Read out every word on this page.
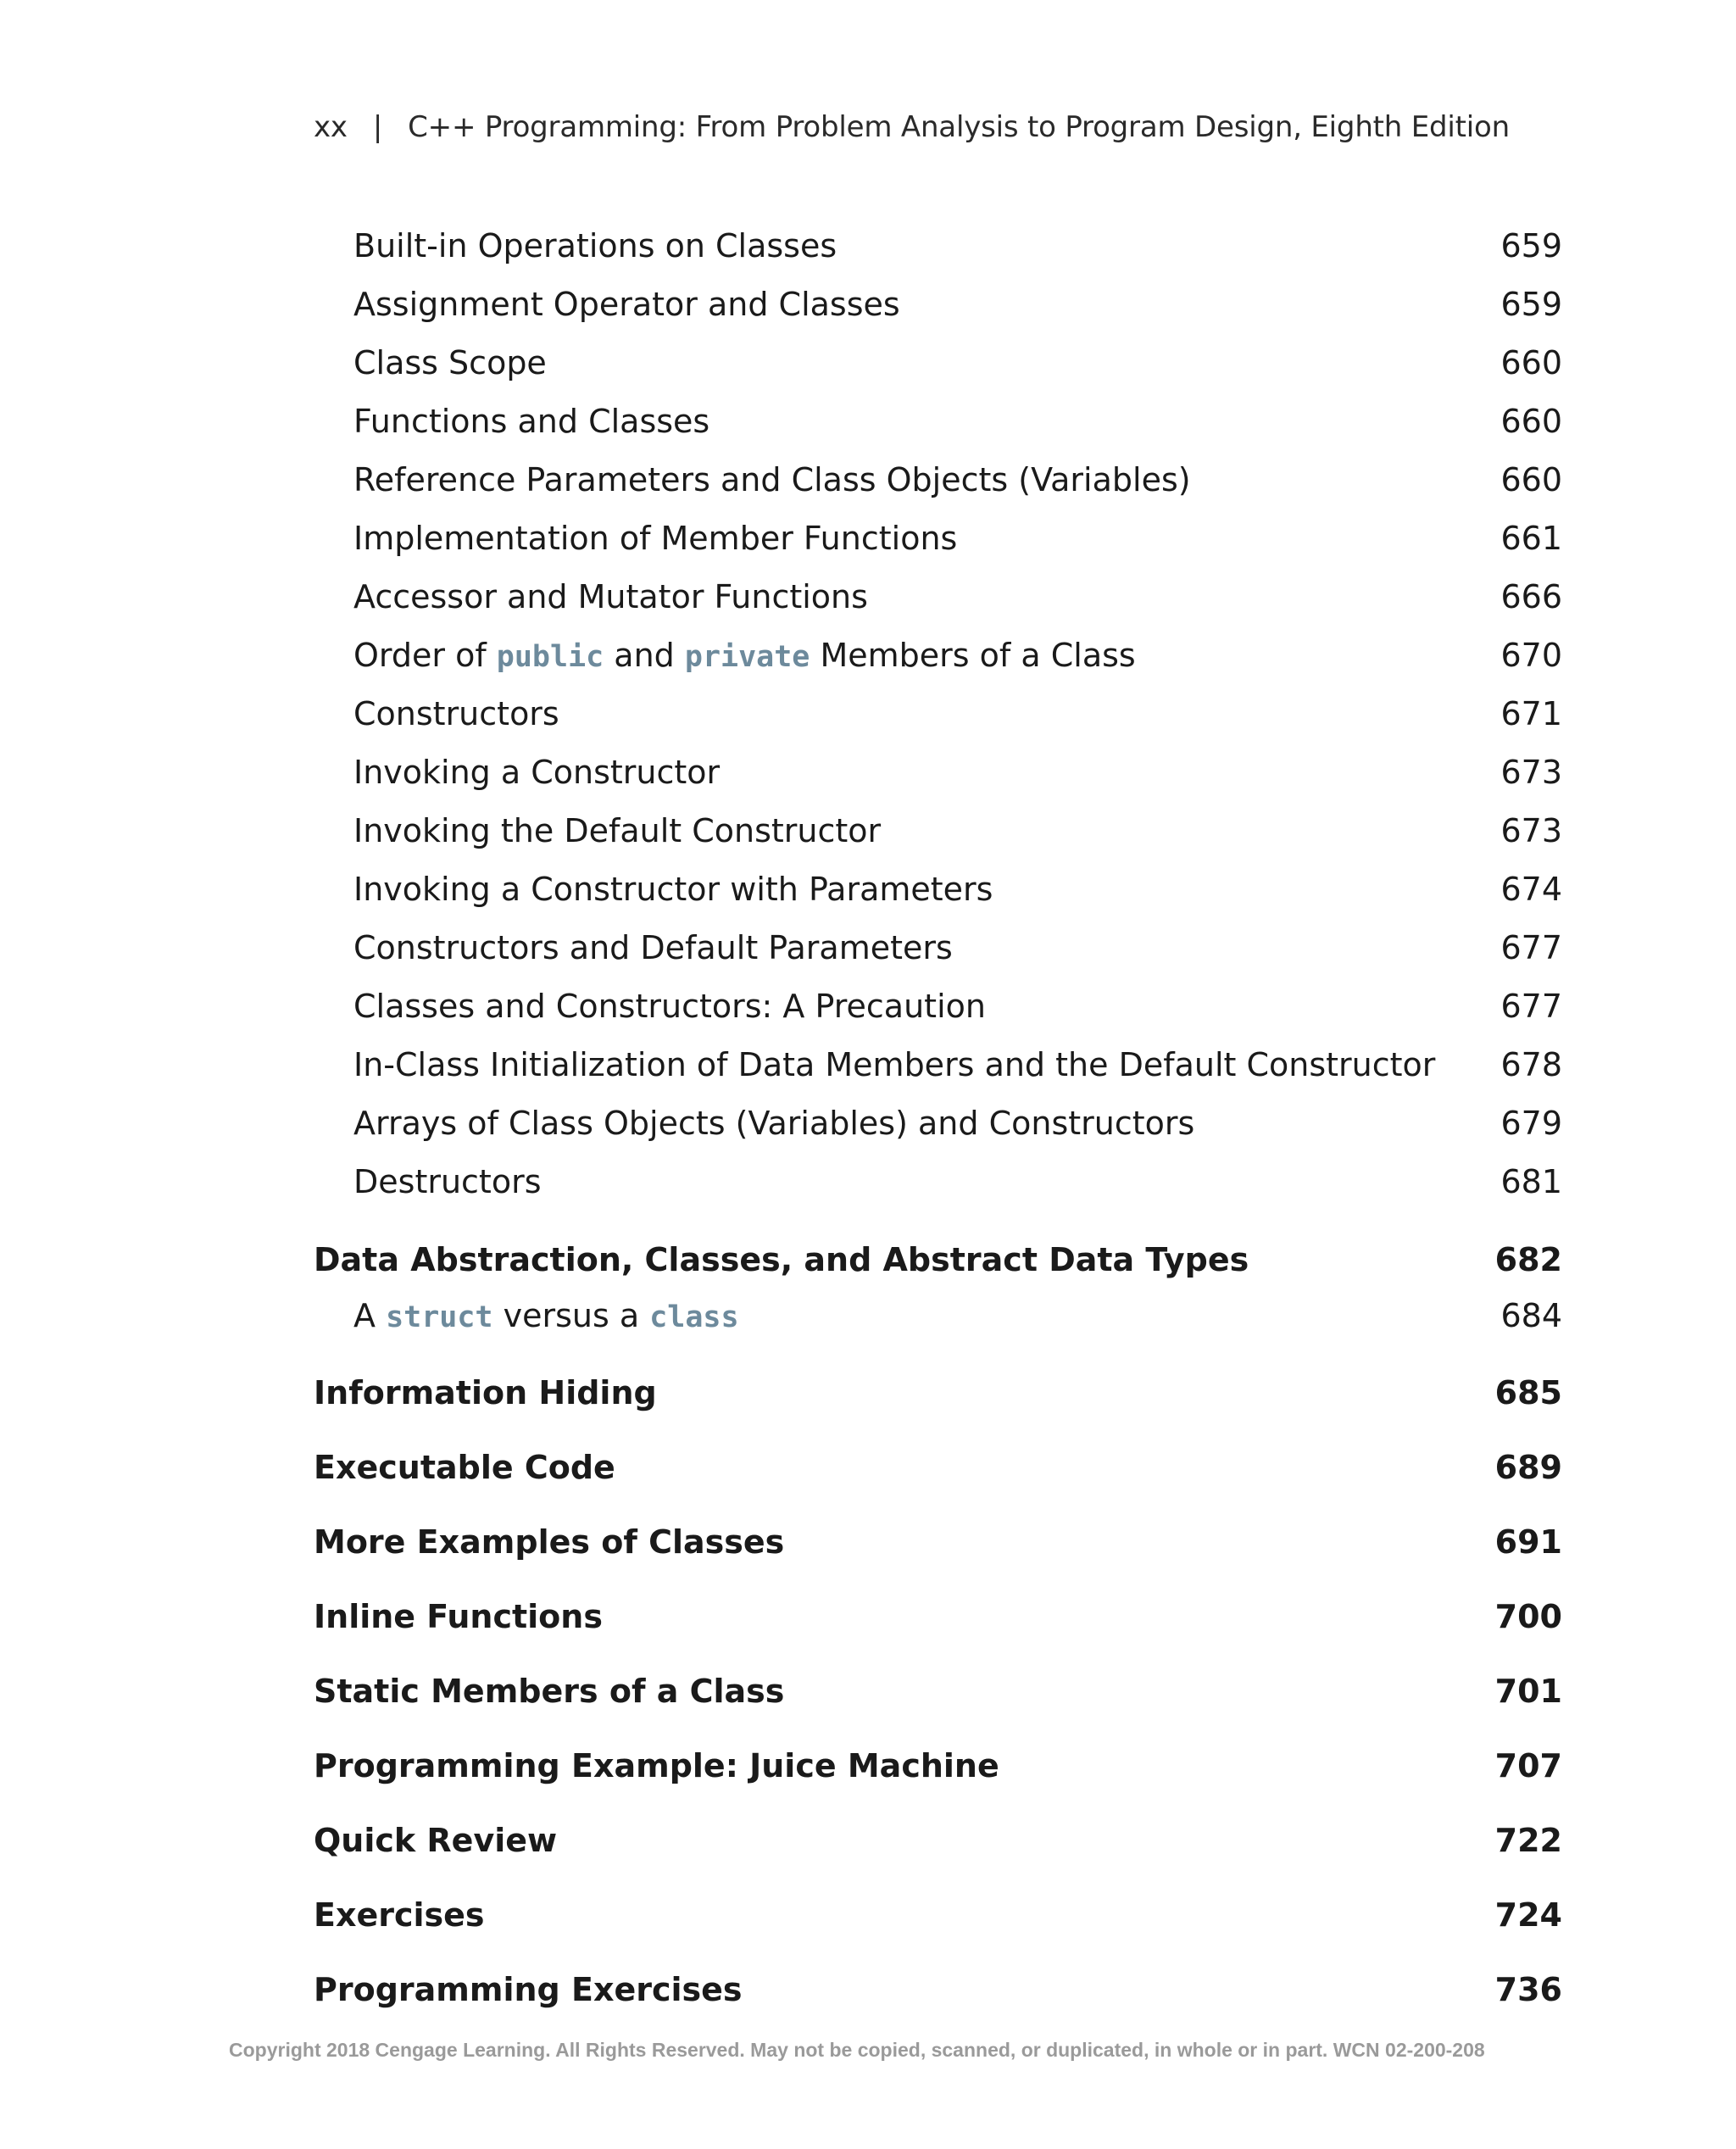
xx | C++ Programming: From Problem Analysis to Program Design, Eighth Edition
Built-in Operations on Classes	659
Assignment Operator and Classes	659
Class Scope	660
Functions and Classes	660
Reference Parameters and Class Objects (Variables)	660
Implementation of Member Functions	661
Accessor and Mutator Functions	666
Order of public and private Members of a Class	670
Constructors	671
Invoking a Constructor	673
Invoking the Default Constructor	673
Invoking a Constructor with Parameters	674
Constructors and Default Parameters	677
Classes and Constructors: A Precaution	677
In-Class Initialization of Data Members and the Default Constructor 678
Arrays of Class Objects (Variables) and Constructors	679
Destructors	681
Data Abstraction, Classes, and Abstract Data Types	682
A struct versus a class	684
Information Hiding	685
Executable Code	689
More Examples of Classes	691
Inline Functions	700
Static Members of a Class	701
Programming Example: Juice Machine	707
Quick Review	722
Exercises	724
Programming Exercises	736
Copyright 2018 Cengage Learning. All Rights Reserved. May not be copied, scanned, or duplicated, in whole or in part. WCN 02-200-208
